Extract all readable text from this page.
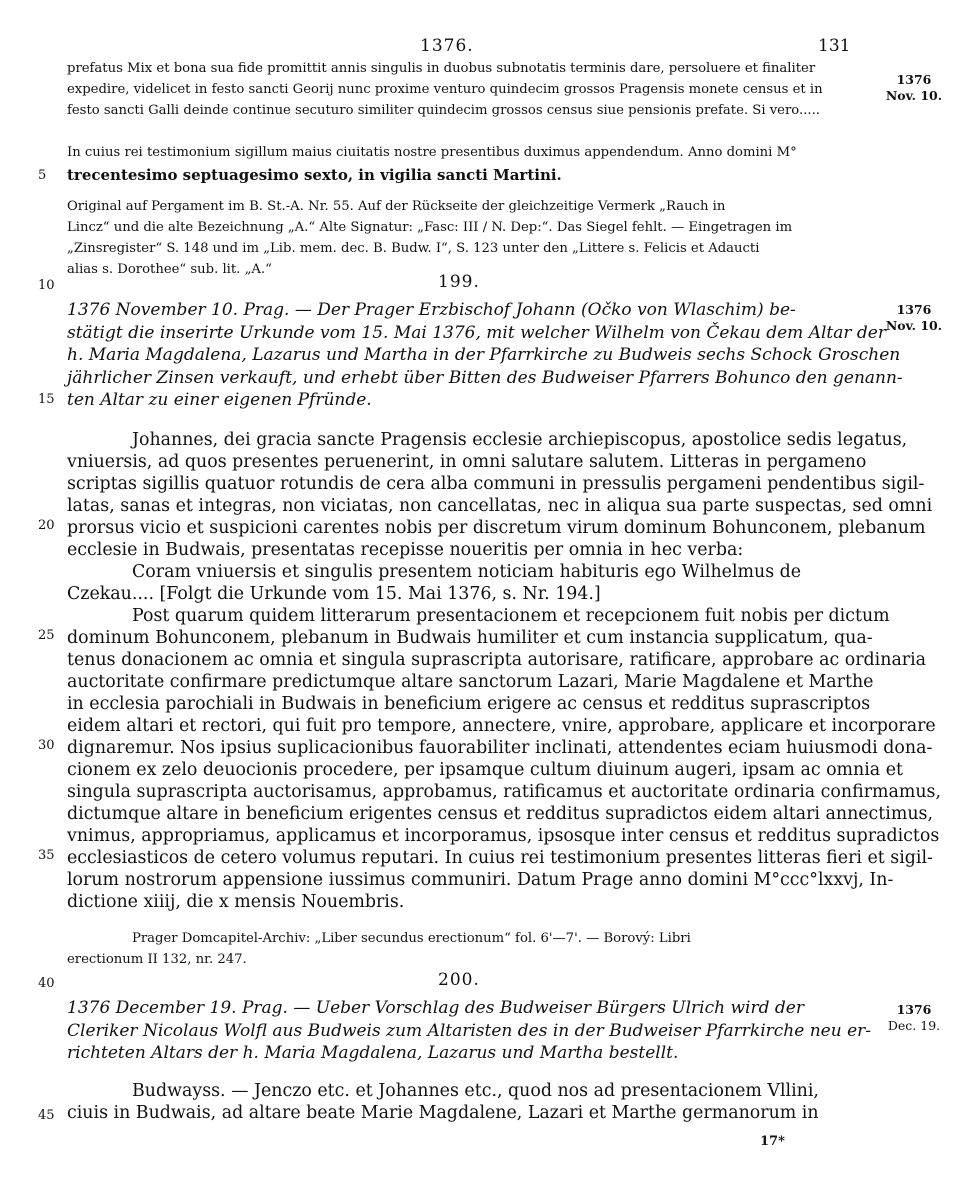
1376.	131
prefatus Mix et bona sua fide promittit annis singulis in duobus subnotatis terminis dare, persoluere et finaliter
expedire, videlicet in festo sancti Georij nunc proxime venturo quindecim grossos Pragensis monete census et in
festo sancti Galli deinde continue secuturo similiter quindecim grossos census siue pensionis prefate. Si vero.....
In cuius rei testimonium sigillum maius ciuitatis nostre presentibus duximus appendendum. Anno domini M°
trecentesimo septuagesimo sexto, in vigilia sancti Martini.
1376
Nov. 10.
5
Original auf Pergament im B. St.-A. Nr. 55. Auf der Rückseite der gleichzeitige Vermerk „Rauch in
Lincz“ und die alte Bezeichnung „A.“ Alte Signatur: „Fasc: III / N. Dep:“. Das Siegel fehlt. — Eingetragen im
„Zinsregister“ S. 148 und im „Lib. mem. dec. B. Budw. I“, S. 123 unter den „Littere s. Felicis et Adaucti
alias s. Dorothee“ sub. lit. „A.“
10	199.
1376 November 10. Prag. — Der Prager Erzbischof Johann (Očko von Wlaschim) be-
stätigt die inserirte Urkunde vom 15. Mai 1376, mit welcher Wilhelm von Čekau dem Altar der
h. Maria Magdalena, Lazarus und Martha in der Pfarrkirche zu Budweis sechs Schock Groschen
jährlicher Zinsen verkauft, und erhebt über Bitten des Budweiser Pfarrers Bohunco den genann-
ten Altar zu einer eigenen Pfründe.
1376
Nov. 10.
15
Johannes, dei gracia sancte Pragensis ecclesie archiepiscopus, apostolice sedis legatus,
vniuersis, ad quos presentes peruenerint, in omni salutare salutem. Litteras in pergameno
scriptas sigillis quatuor rotundis de cera alba communi in pressulis pergameni pendentibus sigil-
latas, sanas et integras, non viciatas, non cancellatas, nec in aliqua sua parte suspectas, sed omni
prorsus vicio et suspicioni carentes nobis per discretum virum dominum Bohunconem, plebanum
ecclesie in Budwais, presentatas recepisse noueritis per omnia in hec verba:
Coram vniuersis et singulis presentem noticiam habituris ego Wilhelmus de
Czekau.... [Folgt die Urkunde vom 15. Mai 1376, s. Nr. 194.]
Post quarum quidem litterarum presentacionem et recepcionem fuit nobis per dictum
dominum Bohunconem, plebanum in Budwais humiliter et cum instancia supplicatum, qua-
tenus donacionem ac omnia et singula suprascripta autorisare, ratificare, approbare ac ordinaria
auctoritate confirmare predictumque altare sanctorum Lazari, Marie Magdalene et Marthe
in ecclesia parochiali in Budwais in beneficium erigere ac census et redditus suprascriptos
eidem altari et rectori, qui fuit pro tempore, annectere, vnire, approbare, applicare et incorporare
dignaremur. Nos ipsius suplicacionibus fauorabiliter inclinati, attendentes eciam huiusmodi dona-
cionem ex zelo deuocionis procedere, per ipsamque cultum diuinum augeri, ipsam ac omnia et
singula suprascripta auctorisamus, approbamus, ratificamus et auctoritate ordinaria confirmamus,
dictumque altare in beneficium erigentes census et redditus supradictos eidem altari annectimus,
vnimus, appropriamus, applicamus et incorporamus, ipsosque inter census et redditus supradictos
ecclesiasticos de cetero volumus reputari. In cuius rei testimonium presentes litteras fieri et sigil-
lorum nostrorum appensione iussimus communiri. Datum Prage anno domini M°ccc°lxxvj, In-
dictione xiiij, die x mensis Nouembris.
20
25
30
35
Prager Domcapitel-Archiv: „Liber secundus erectionum“ fol. 6'—7'. — Borový: Libri
erectionum II 132, nr. 247.
40	200.
1376 December 19. Prag. — Ueber Vorschlag des Budweiser Bürgers Ulrich wird der
Cleriker Nicolaus Wolfl aus Budweis zum Altaristen des in der Budweiser Pfarrkirche neu er-
richteten Altars der h. Maria Magdalena, Lazarus und Martha bestellt.
1376
Dec. 19.
Budwayss. — Jenczo etc. et Johannes etc., quod nos ad presentacionem Vllini,
ciuis in Budwais, ad altare beate Marie Magdalene, Lazari et Marthe germanorum in
45
17*
